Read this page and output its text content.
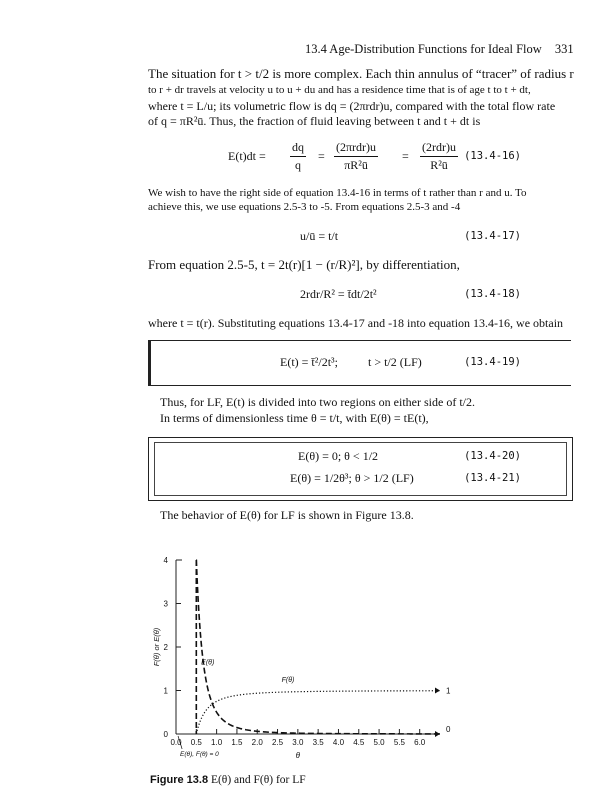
13.4 Age-Distribution Functions for Ideal Flow 331
The situation for t > t/2 is more complex. Each thin annulus of “tracer” of radius r
to r + dr travels at velocity u to u + du and has a residence time that is of age t to t + dt,
where t = L/u; its volumetric flow is dq = (2πrdr)u, compared with the total flow rate
of q = πR²ū. Thus, the fraction of fluid leaving between t and t + dt is
E(t)dt =
dq
q
=
(2πrdr)u
πR²ū
=
(2rdr)u
R²ū
(13.4-16)
We wish to have the right side of equation 13.4-16 in terms of t rather than r and u. To
achieve this, we use equations 2.5-3 to -5. From equations 2.5-3 and -4
u/ū = t/t	(13.4-17)
From equation 2.5-5, t = 2t(r)[1 − (r/R)²], by differentiation,
2rdr/R² = t̄dt/2t²	(13.4-18)
where t = t(r). Substituting equations 13.4-17 and -18 into equation 13.4-16, we obtain
E(t) = t̄²/2t³;	t > t/2 (LF)	(13.4-19)
Thus, for LF, E(t) is divided into two regions on either side of t/2.
In terms of dimensionless time θ = t/t, with E(θ) = tE(t),
E(θ) = 0; θ < 1/2	(13.4-20)
E(θ) = 1/2θ³; θ > 1/2 (LF)	(13.4-21)
The behavior of E(θ) for LF is shown in Figure 13.8.
0
1
2
3
4
0.0 0.5 1.0 1.5 2.0 2.5 3.0 3.5 4.0 4.5 5.0 5.5 6.0
F(θ) or E(θ)
θ
1
0
E(θ)
F(θ)
E(θ), F(θ) = 0
Figure 13.8 E(θ) and F(θ) for LF
